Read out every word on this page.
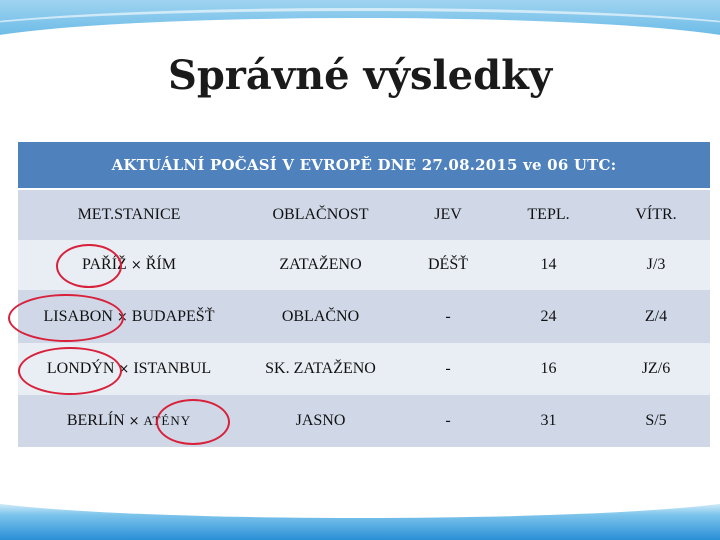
Správné výsledky
AKTUÁLNÍ POČASÍ V EVROPĚ DNE 27.08.2015 ve 06 UTC:
MET.STANICE	OBLAČNOST	JEV	TEPL.	VÍTR.
PAŘÍŽ × ŘÍM	ZATAŽENO	DÉŠŤ	14	J/3
LISABON × BUDAPEŠŤ	OBLAČNO	-	24	Z/4
LONDÝN × ISTANBUL	SK. ZATAŽENO	-	16	JZ/6
BERLÍN × ATÉNY	JASNO	-	31	S/5
